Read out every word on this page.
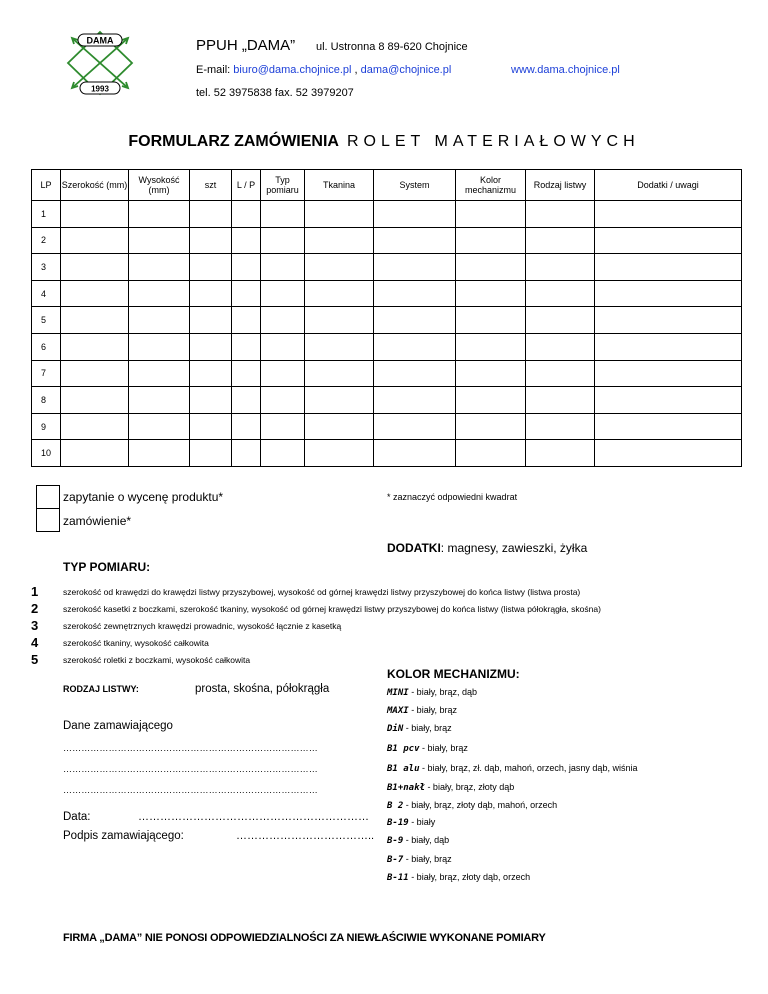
DAMA
1993
PPUH „DAMA” ul. Ustronna 8 89-620 Chojnice
E-mail: biuro@dama.chojnice.pl , dama@chojnice.pl	www.dama.chojnice.pl
tel. 52 3975838 fax. 52 3979207
FORMULARZ ZAMÓWIENIA ROLET MATERIAŁOWYCH
LP	Szerokość (mm)	Wysokość (mm)	szt	L / P	Typ pomiaru	Tkanina	System	Kolor mechanizmu	Rodzaj listwy	Dodatki / uwagi
1										
2										
3										
4										
5										
6										
7										
8										
9										
10										
zapytanie o wycenę produktu*
zamówienie*
* zaznaczyć odpowiedni kwadrat
DODATKI: magnesy, zawieszki, żyłka
TYP POMIARU:
1	szerokość od krawędzi do krawędzi listwy przyszybowej, wysokość od górnej krawędzi listwy przyszybowej do końca listwy (listwa prosta)
2	szerokość kasetki z boczkami, szerokość tkaniny, wysokość od górnej krawędzi listwy przyszybowej do końca listwy (listwa półokrągła, skośna)
3	szerokość zewnętrznych krawędzi prowadnic, wysokość łącznie z kasetką
4	szerokość tkaniny, wysokość całkowita
5	szerokość roletki z boczkami, wysokość całkowita
RODZAJ LISTWY:	prosta, skośna, półokrągła
Dane zamawiającego
…………………………………………………………………………
…………………………………………………………………………
…………………………………………………………………………
Data:	………………………………………………………
Podpis zamawiającego:	………………………………..
KOLOR MECHANIZMU:
MINI - biały, brąz, dąb
MAXI - biały, brąz
DiN - biały, brąz
B1 pcv - biały, brąz
B1 alu - biały, brąz, zł. dąb, mahoń, orzech, jasny dąb, wiśnia
B1+nakł - biały, brąz, złoty dąb
B 2 - biały, brąz, złoty dąb, mahoń, orzech
B-19 - biały
B-9 - biały, dąb
B-7 - biały, brąz
B-11 - biały, brąz, złoty dąb, orzech
FIRMA „DAMA” NIE PONOSI ODPOWIEDZIALNOŚCI ZA NIEWŁAŚCIWIE WYKONANE POMIARY
